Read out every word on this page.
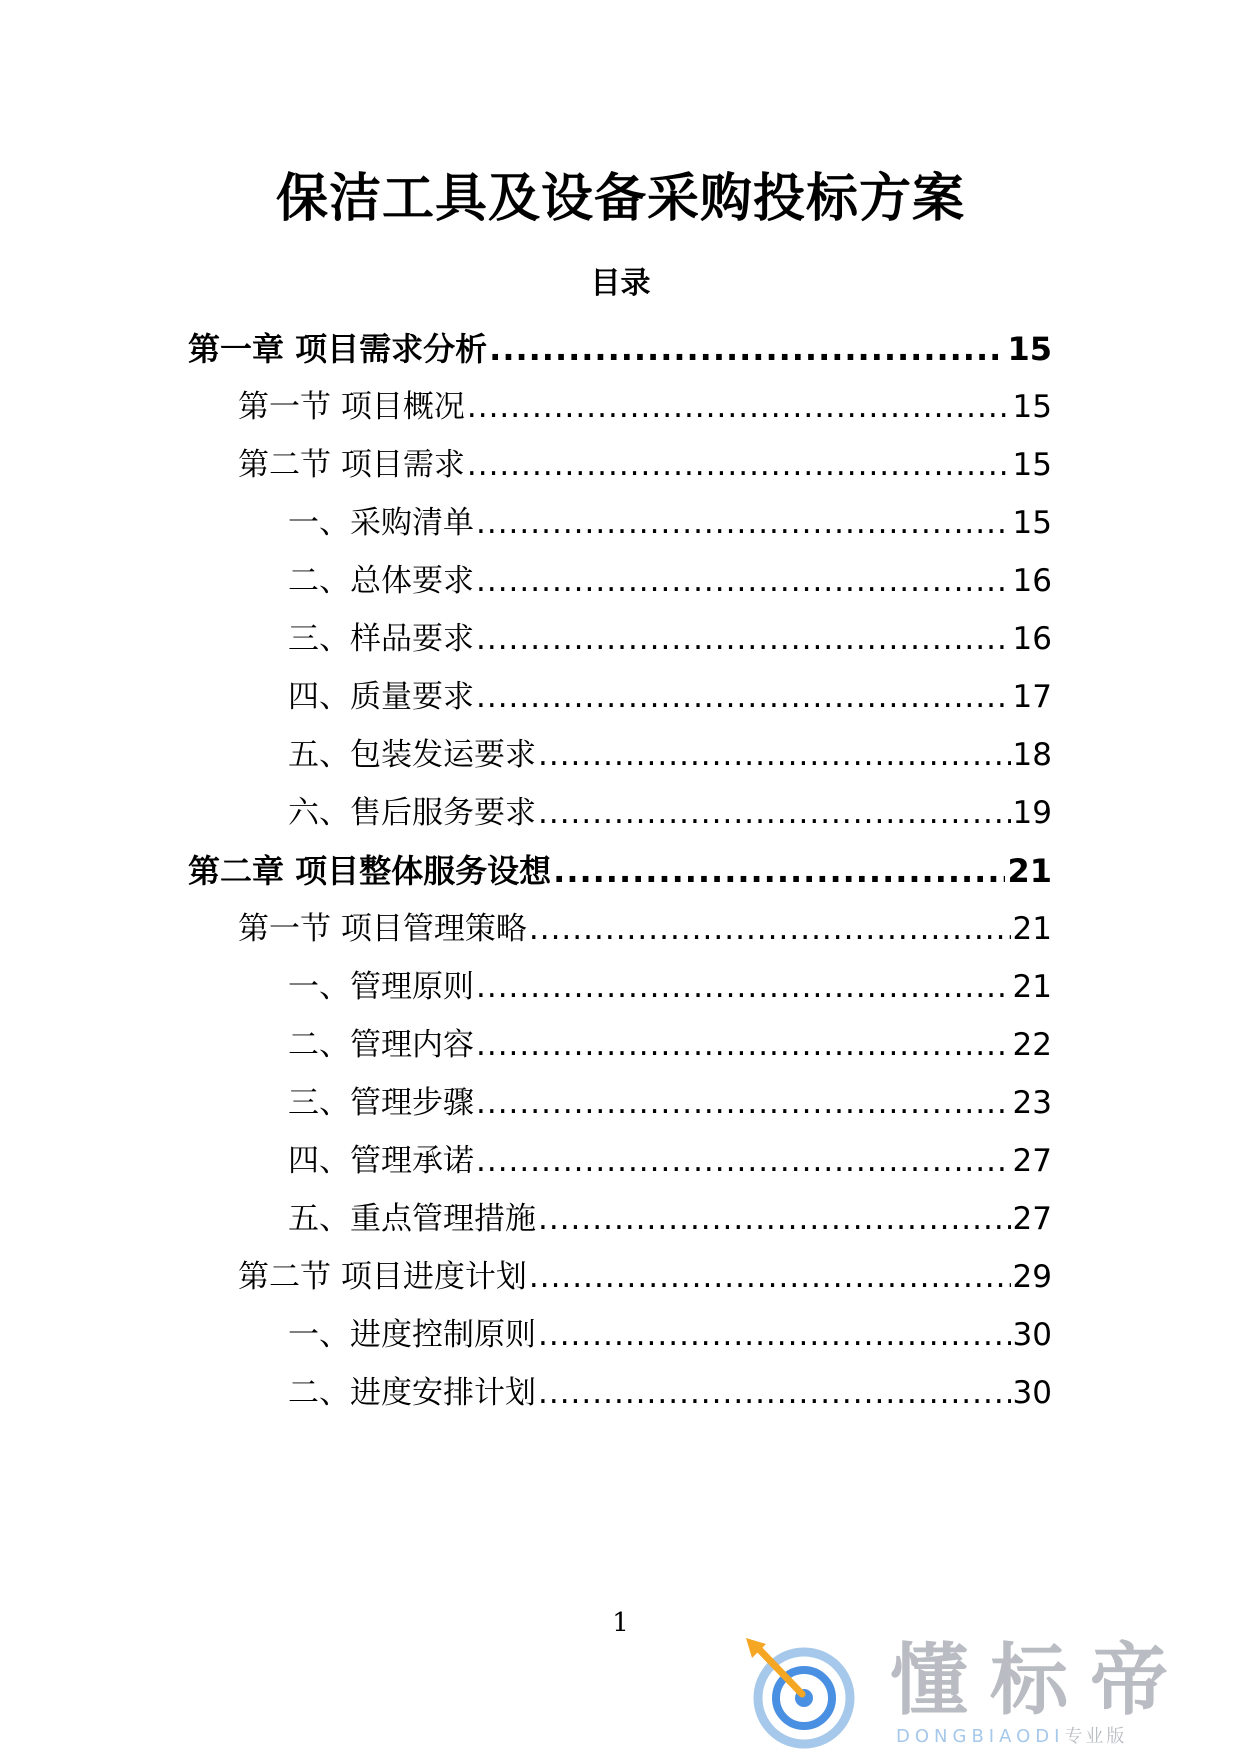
保洁工具及设备采购投标方案
目录
第一章 项目需求分析 .....	15
第一节 项目概况 .....	15
第二节 项目需求 .....	15
一、采购清单 .....	15
二、总体要求 .....	16
三、样品要求 .....	16
四、质量要求 .....	17
五、包装发运要求 .....	18
六、售后服务要求 .....	19
第二章 项目整体服务设想 .....	21
第一节 项目管理策略 .....	21
一、管理原则 .....	21
二、管理内容 .....	22
三、管理步骤 .....	23
四、管理承诺 .....	27
五、重点管理措施 .....	27
第二节 项目进度计划 .....	29
一、进度控制原则 .....	30
二、进度安排计划 .....	30
1
懂标帝
DONGBIAODI专业版
